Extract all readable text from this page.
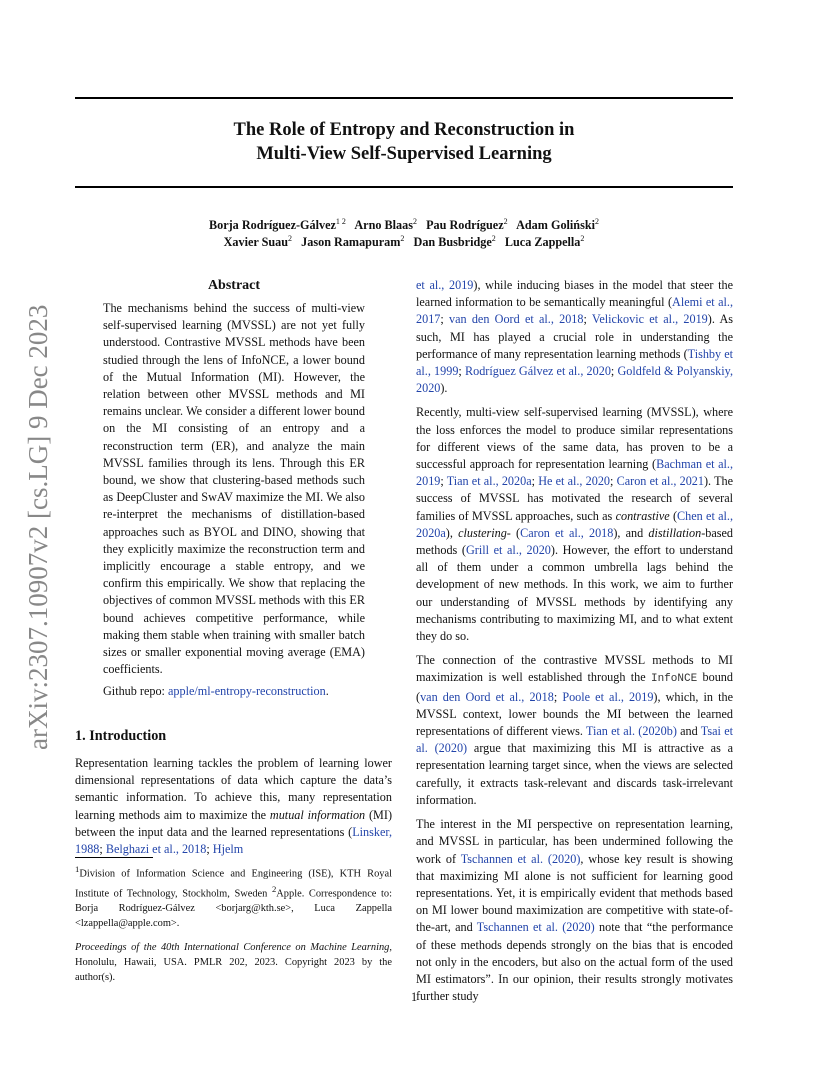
The Role of Entropy and Reconstruction in
Multi-View Self-Supervised Learning
Borja Rodríguez-Gálvez$^{1 2}$ Arno Blaas$^2$ Pau Rodríguez$^2$ Adam Goliński$^2$
Xavier Suau$^2$ Jason Ramapuram$^2$ Dan Busbridge$^2$ Luca Zappella$^2$
arXiv:2307.10907v2 [cs.LG] 9 Dec 2023
Abstract

The mechanisms behind the success of multi-view self-supervised learning (MVSSL) are not yet fully understood. Contrastive MVSSL methods have been studied through the lens of InfoNCE, a lower bound of the Mutual Information (MI). However, the relation between other MVSSL methods and MI remains unclear. We consider a different lower bound on the MI consisting of an entropy and a reconstruction term (ER), and analyze the main MVSSL families through its lens. Through this ER bound, we show that clustering-based methods such as DeepCluster and SwAV maximize the MI. We also re-interpret the mechanisms of distillation-based approaches such as BYOL and DINO, showing that they explicitly maximize the reconstruction term and implicitly encourage a stable entropy, and we confirm this empirically. We show that replacing the objectives of common MVSSL methods with this ER bound achieves competitive performance, while making them stable when training with smaller batch sizes or smaller exponential moving average (EMA) coefficients.

Github repo: apple/ml-entropy-reconstruction.

1. Introduction

Representation learning tackles the problem of learning lower dimensional representations of data which capture the data’s semantic information. To achieve this, many representation learning methods aim to maximize the mutual information (MI) between the input data and the learned representations (Linsker, 1988; Belghazi et al., 2018; Hjelm

$^1$Division of Information Science and Engineering (ISE), KTH Royal Institute of Technology, Stockholm, Sweden $^2$Apple. Correspondence to: Borja Rodríguez-Gálvez <borjarg@kth.se>, Luca Zappella <lzappella@apple.com>.

Proceedings of the 40th International Conference on Machine Learning, Honolulu, Hawaii, USA. PMLR 202, 2023. Copyright 2023 by the author(s).

et al., 2019), while inducing biases in the model that steer the learned information to be semantically meaningful (Alemi et al., 2017; van den Oord et al., 2018; Velickovic et al., 2019). As such, MI has played a crucial role in understanding the performance of many representation learning methods (Tishby et al., 1999; Rodríguez Gálvez et al., 2020; Goldfeld & Polyanskiy, 2020).

Recently, multi-view self-supervised learning (MVSSL), where the loss enforces the model to produce similar representations for different views of the same data, has proven to be a successful approach for representation learning (Bachman et al., 2019; Tian et al., 2020a; He et al., 2020; Caron et al., 2021). The success of MVSSL has motivated the research of several families of MVSSL approaches, such as contrastive (Chen et al., 2020a), clustering- (Caron et al., 2018), and distillation-based methods (Grill et al., 2020). However, the effort to understand all of them under a common umbrella lags behind the development of new methods. In this work, we aim to further our understanding of MVSSL methods by identifying any mechanisms contributing to maximizing MI, and to what extent they do so.

The connection of the contrastive MVSSL methods to MI maximization is well established through the InfoNCE bound (van den Oord et al., 2018; Poole et al., 2019), which, in the MVSSL context, lower bounds the MI between the learned representations of different views. Tian et al. (2020b) and Tsai et al. (2020) argue that maximizing this MI is attractive as a representation learning target since, when the views are selected carefully, it extracts task-relevant and discards task-irrelevant information.

The interest in the MI perspective on representation learning, and MVSSL in particular, has been undermined following the work of Tschannen et al. (2020), whose key result is showing that maximizing MI alone is not sufficient for learning good representations. Yet, it is empirically evident that methods based on MI lower bound maximization are competitive with state-of-the-art, and Tschannen et al. (2020) note that “the performance of these methods depends strongly on the bias that is encoded not only in the encoders, but also on the actual form of the used MI estimators”. In our opinion, their results strongly motivates further study

1
